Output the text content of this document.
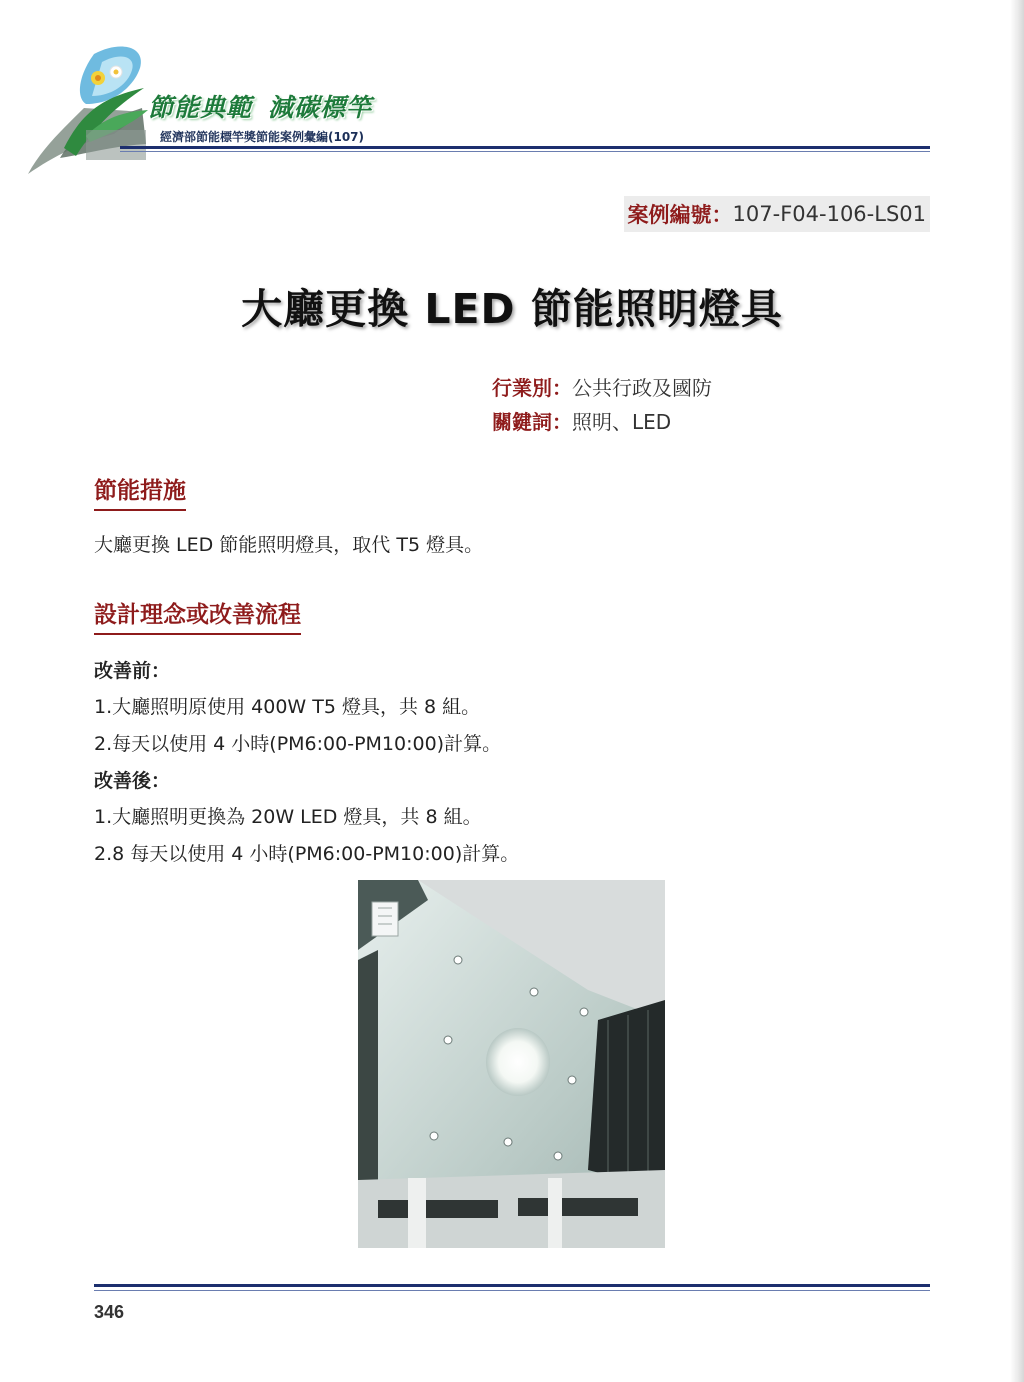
節能典範 減碳標竿
經濟部節能標竿獎節能案例彙編(107)
案例編號： 107-F04-106-LS01
大廳更換 LED 節能照明燈具
行業別：公共行政及國防
關鍵詞：照明、LED
節能措施
大廳更換 LED 節能照明燈具，取代 T5 燈具。
設計理念或改善流程
改善前：
1.大廳照明原使用 400W T5 燈具，共 8 組。
2.每天以使用 4 小時(PM6:00-PM10:00)計算。
改善後：
1.大廳照明更換為 20W LED 燈具，共 8 組。
2.8 每天以使用 4 小時(PM6:00-PM10:00)計算。
346
